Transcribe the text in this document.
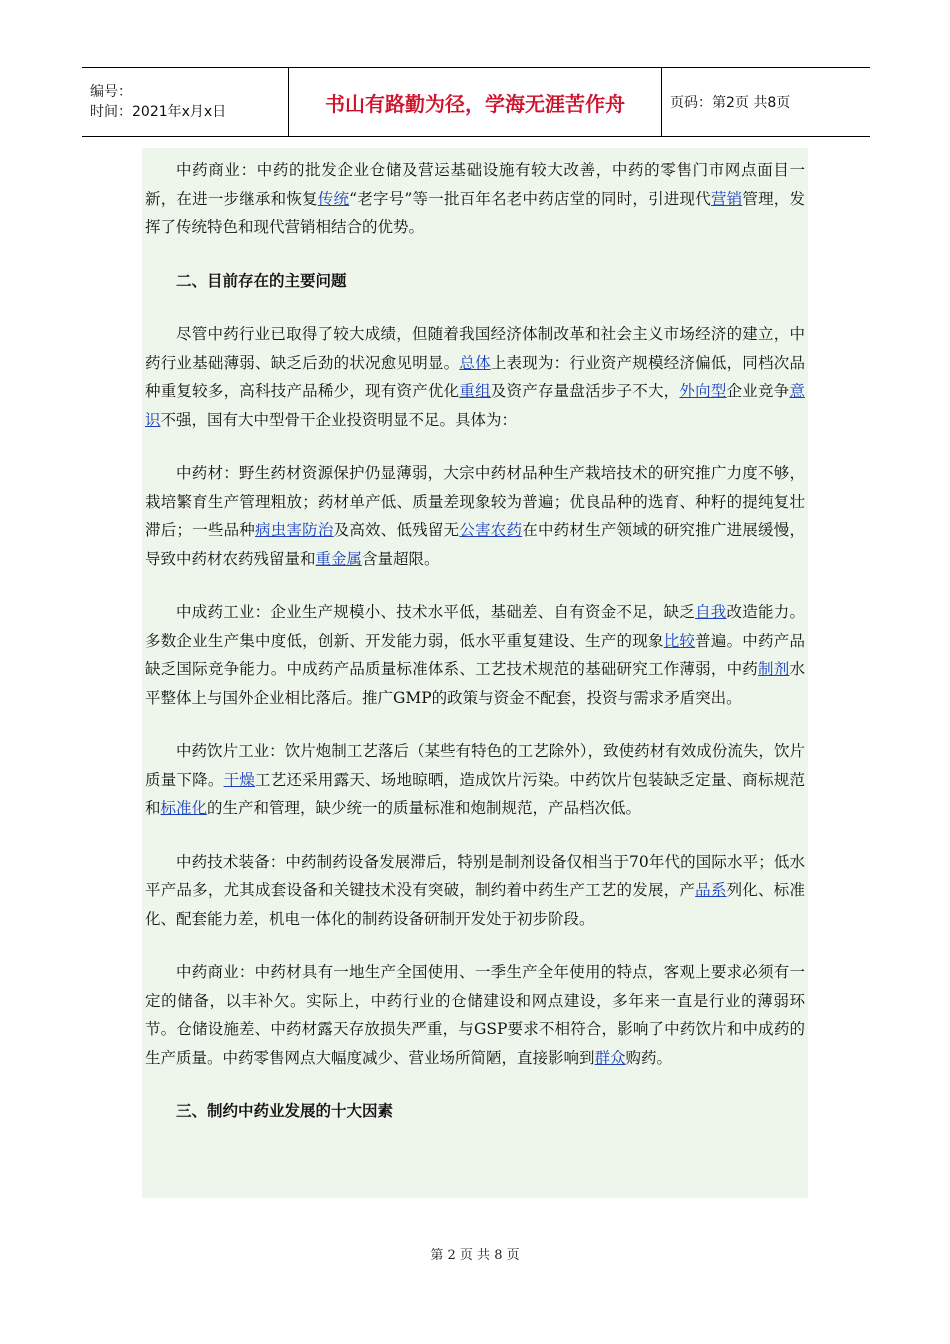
编号：
时间：2021年x月x日	书山有路勤为径，学海无涯苦作舟	页码：第2页 共8页

中药商业：中药的批发企业仓储及营运基础设施有较大改善，中药的零售门市网点面目一新，在进一步继承和恢复传统“老字号”等一批百年名老中药店堂的同时，引进现代营销管理，发挥了传统特色和现代营销相结合的优势。

二、目前存在的主要问题

尽管中药行业已取得了较大成绩，但随着我国经济体制改革和社会主义市场经济的建立，中药行业基础薄弱、缺乏后劲的状况愈见明显。总体上表现为：行业资产规模经济偏低，同档次品种重复较多，高科技产品稀少，现有资产优化重组及资产存量盘活步子不大，外向型企业竞争意识不强，国有大中型骨干企业投资明显不足。具体为：

中药材：野生药材资源保护仍显薄弱，大宗中药材品种生产栽培技术的研究推广力度不够，栽培繁育生产管理粗放；药材单产低、质量差现象较为普遍；优良品种的选育、种籽的提纯复壮滞后；一些品种病虫害防治及高效、低残留无公害农药在中药材生产领域的研究推广进展缓慢，导致中药材农药残留量和重金属含量超限。

中成药工业：企业生产规模小、技术水平低，基础差、自有资金不足，缺乏自我改造能力。多数企业生产集中度低，创新、开发能力弱，低水平重复建设、生产的现象比较普遍。中药产品缺乏国际竞争能力。中成药产品质量标准体系、工艺技术规范的基础研究工作薄弱，中药制剂水平整体上与国外企业相比落后。推广GMP的政策与资金不配套，投资与需求矛盾突出。

中药饮片工业：饮片炮制工艺落后（某些有特色的工艺除外），致使药材有效成份流失，饮片质量下降。干燥工艺还采用露天、场地晾晒，造成饮片污染。中药饮片包装缺乏定量、商标规范和标准化的生产和管理，缺少统一的质量标准和炮制规范，产品档次低。

中药技术装备：中药制药设备发展滞后，特别是制剂设备仅相当于70年代的国际水平；低水平产品多，尤其成套设备和关键技术没有突破，制约着中药生产工艺的发展，产品系列化、标准化、配套能力差，机电一体化的制药设备研制开发处于初步阶段。

中药商业：中药材具有一地生产全国使用、一季生产全年使用的特点，客观上要求必须有一定的储备，以丰补欠。实际上，中药行业的仓储建设和网点建设，多年来一直是行业的薄弱环节。仓储设施差、中药材露天存放损失严重，与GSP要求不相符合，影响了中药饮片和中成药的生产质量。中药零售网点大幅度减少、营业场所简陋，直接影响到群众购药。

三、制约中药业发展的十大因素
第 2 页 共 8 页
